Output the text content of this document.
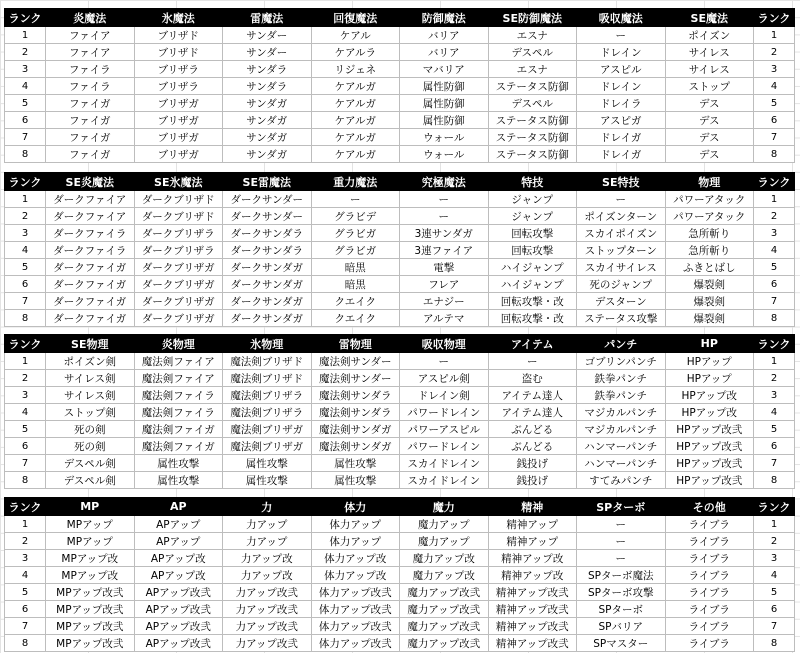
ランク	炎魔法	氷魔法	雷魔法	回復魔法	防御魔法	SE防御魔法	吸収魔法	SE魔法	ランク
1	ファイア	ブリザド	サンダー	ケアル	バリア	エスナ	ー	ポイズン	1
2	ファイア	ブリザド	サンダー	ケアルラ	バリア	デスペル	ドレイン	サイレス	2
3	ファイラ	ブリザラ	サンダラ	リジェネ	マバリア	エスナ	アスピル	サイレス	3
4	ファイラ	ブリザラ	サンダラ	ケアルガ	属性防御	ステータス防御	ドレイン	ストップ	4
5	ファイガ	ブリザガ	サンダガ	ケアルガ	属性防御	デスペル	ドレイラ	デス	5
6	ファイガ	ブリザガ	サンダガ	ケアルガ	属性防御	ステータス防御	アスピガ	デス	6
7	ファイガ	ブリザガ	サンダガ	ケアルガ	ウォール	ステータス防御	ドレイガ	デス	7
8	ファイガ	ブリザガ	サンダガ	ケアルガ	ウォール	ステータス防御	ドレイガ	デス	8
ランク	SE炎魔法	SE氷魔法	SE雷魔法	重力魔法	究極魔法	特技	SE特技	物理	ランク
1	ダークファイア	ダークブリザド	ダークサンダー	ー	ー	ジャンプ	ー	パワーアタック	1
2	ダークファイア	ダークブリザド	ダークサンダー	グラビデ	ー	ジャンプ	ポイズンターン	パワーアタック	2
3	ダークファイラ	ダークブリザラ	ダークサンダラ	グラビガ	3連サンダガ	回転攻撃	スカイポイズン	急所斬り	3
4	ダークファイラ	ダークブリザラ	ダークサンダラ	グラビガ	3連ファイア	回転攻撃	ストップターン	急所斬り	4
5	ダークファイガ	ダークブリザガ	ダークサンダガ	暗黒	電撃	ハイジャンプ	スカイサイレス	ふきとばし	5
6	ダークファイガ	ダークブリザガ	ダークサンダガ	暗黒	フレア	ハイジャンプ	死のジャンプ	爆裂剣	6
7	ダークファイガ	ダークブリザガ	ダークサンダガ	クエイク	エナジー	回転攻撃・改	デスターン	爆裂剣	7
8	ダークファイガ	ダークブリザガ	ダークサンダガ	クエイク	アルテマ	回転攻撃・改	ステータス攻撃	爆裂剣	8
ランク	SE物理	炎物理	氷物理	雷物理	吸収物理	アイテム	パンチ	HP	ランク
1	ポイズン剣	魔法剣ファイア	魔法剣ブリザド	魔法剣サンダー	ー	ー	ゴブリンパンチ	HPアップ	1
2	サイレス剣	魔法剣ファイア	魔法剣ブリザド	魔法剣サンダー	アスピル剣	盗む	鉄拳パンチ	HPアップ	2
3	サイレス剣	魔法剣ファイラ	魔法剣ブリザラ	魔法剣サンダラ	ドレイン剣	アイテム達人	鉄拳パンチ	HPアップ改	3
4	ストップ剣	魔法剣ファイラ	魔法剣ブリザラ	魔法剣サンダラ	パワードレイン	アイテム達人	マジカルパンチ	HPアップ改	4
5	死の剣	魔法剣ファイガ	魔法剣ブリザガ	魔法剣サンダガ	パワーアスピル	ぶんどる	マジカルパンチ	HPアップ改弐	5
6	死の剣	魔法剣ファイガ	魔法剣ブリザガ	魔法剣サンダガ	パワードレイン	ぶんどる	ハンマーパンチ	HPアップ改弐	6
7	デスペル剣	属性攻撃	属性攻撃	属性攻撃	スカイドレイン	銭投げ	ハンマーパンチ	HPアップ改弐	7
8	デスペル剣	属性攻撃	属性攻撃	属性攻撃	スカイドレイン	銭投げ	すてみパンチ	HPアップ改弐	8
ランク	MP	AP	力	体力	魔力	精神	SPターボ	その他	ランク
1	MPアップ	APアップ	力アップ	体力アップ	魔力アップ	精神アップ	ー	ライブラ	1
2	MPアップ	APアップ	力アップ	体力アップ	魔力アップ	精神アップ	ー	ライブラ	2
3	MPアップ改	APアップ改	力アップ改	体力アップ改	魔力アップ改	精神アップ改	ー	ライブラ	3
4	MPアップ改	APアップ改	力アップ改	体力アップ改	魔力アップ改	精神アップ改	SPターボ魔法	ライブラ	4
5	MPアップ改弐	APアップ改弐	力アップ改弐	体力アップ改弐	魔力アップ改弐	精神アップ改弐	SPターボ攻撃	ライブラ	5
6	MPアップ改弐	APアップ改弐	力アップ改弐	体力アップ改弐	魔力アップ改弐	精神アップ改弐	SPターボ	ライブラ	6
7	MPアップ改弐	APアップ改弐	力アップ改弐	体力アップ改弐	魔力アップ改弐	精神アップ改弐	SPバリア	ライブラ	7
8	MPアップ改弐	APアップ改弐	力アップ改弐	体力アップ改弐	魔力アップ改弐	精神アップ改弐	SPマスター	ライブラ	8
